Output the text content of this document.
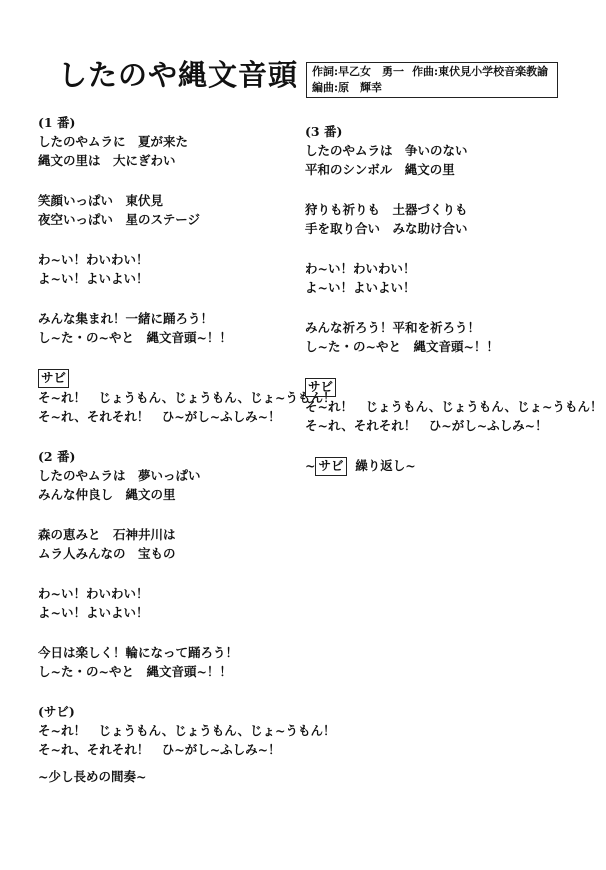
したのや縄文音頭 作詞:早乙女　勇一 作曲:東伏見小学校音楽教諭
編曲:原　輝幸
(1 番)
したのやムラに　夏が来た
縄文の里は　大にぎわい
笑顔いっぱい　東伏見
夜空いっぱい　星のステージ
わ~い！わいわい！
よ~い！よいよい！
みんな集まれ！一緒に踊ろう！
し~た・の~やと　縄文音頭~！！
サビ
そ~れ！　じょうもん、じょうもん、じょ~うもん！
そ~れ、それそれ！　ひ~がし~ふしみ~！
(2 番)
したのやムラは　夢いっぱい
みんな仲良し　縄文の里
森の恵みと　石神井川は
ムラ人みんなの　宝もの
わ~い！わいわい！
よ~い！よいよい！
今日は楽しく！輪になって踊ろう！
し~た・の~やと　縄文音頭~！！
(サビ)
そ~れ！　じょうもん、じょうもん、じょ~うもん！
そ~れ、それそれ！　ひ~がし~ふしみ~！
~少し長めの間奏~
(3 番)
したのやムラは　争いのない
平和のシンボル　縄文の里
狩りも祈りも　土器づくりも
手を取り合い　みな助け合い
わ~い！わいわい！
よ~い！よいよい！
みんな祈ろう！平和を祈ろう！
し~た・の~やと　縄文音頭~！！
サビ
そ~れ！　じょうもん、じょうもん、じょ~うもん！
そ~れ、それそれ！　ひ~がし~ふしみ~！
~ サビ 繰り返し~
